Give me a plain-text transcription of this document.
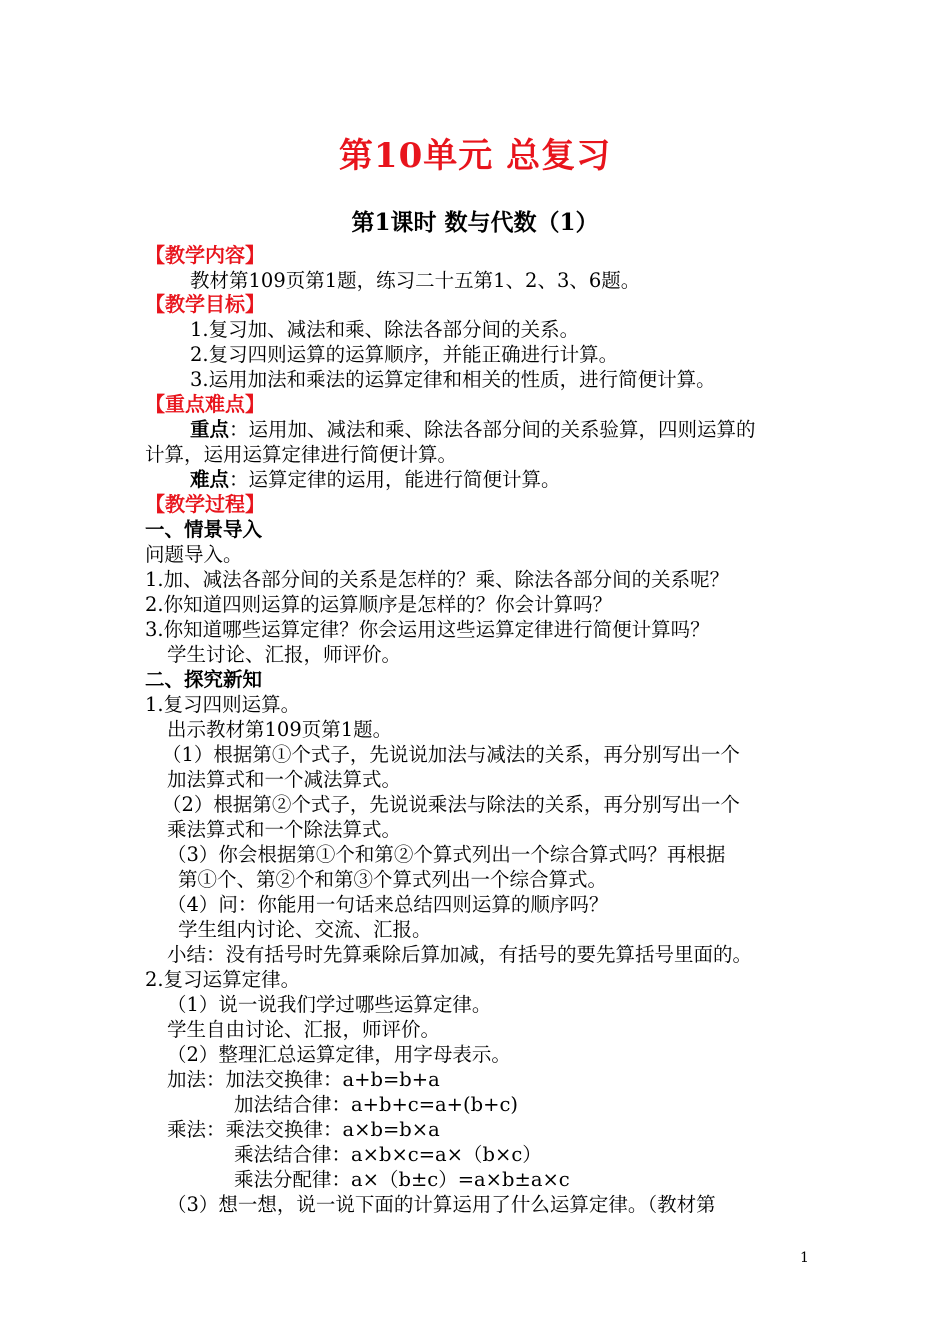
第10单元 总复习
第1课时 数与代数（1）
【教学内容】
教材第109页第1题，练习二十五第1、2、3、6题。
【教学目标】
1.复习加、减法和乘、除法各部分间的关系。
2.复习四则运算的运算顺序，并能正确进行计算。
3.运用加法和乘法的运算定律和相关的性质，进行简便计算。
【重点难点】
重点：运用加、减法和乘、除法各部分间的关系验算，四则运算的
计算，运用运算定律进行简便计算。
难点：运算定律的运用，能进行简便计算。
【教学过程】
一、情景导入
问题导入。
1.加、减法各部分间的关系是怎样的？乘、除法各部分间的关系呢？
2.你知道四则运算的运算顺序是怎样的？你会计算吗？
3.你知道哪些运算定律？你会运用这些运算定律进行简便计算吗？
学生讨论、汇报，师评价。
二、探究新知
1.复习四则运算。
出示教材第109页第1题。
（1）根据第①个式子，先说说加法与减法的关系，再分别写出一个
加法算式和一个减法算式。
（2）根据第②个式子，先说说乘法与除法的关系，再分别写出一个
乘法算式和一个除法算式。
（3）你会根据第①个和第②个算式列出一个综合算式吗？再根据
第①个、第②个和第③个算式列出一个综合算式。
（4）问：你能用一句话来总结四则运算的顺序吗？
学生组内讨论、交流、汇报。
小结：没有括号时先算乘除后算加减，有括号的要先算括号里面的。
2.复习运算定律。
（1）说一说我们学过哪些运算定律。
学生自由讨论、汇报，师评价。
（2）整理汇总运算定律，用字母表示。
加法：加法交换律：a+b=b+a
加法结合律：a+b+c=a+(b+c)
乘法：乘法交换律：a×b=b×a
乘法结合律：a×b×c=a×（b×c）
乘法分配律：a×（b±c）=a×b±a×c
（3）想一想，说一说下面的计算运用了什么运算定律。（教材第
1
